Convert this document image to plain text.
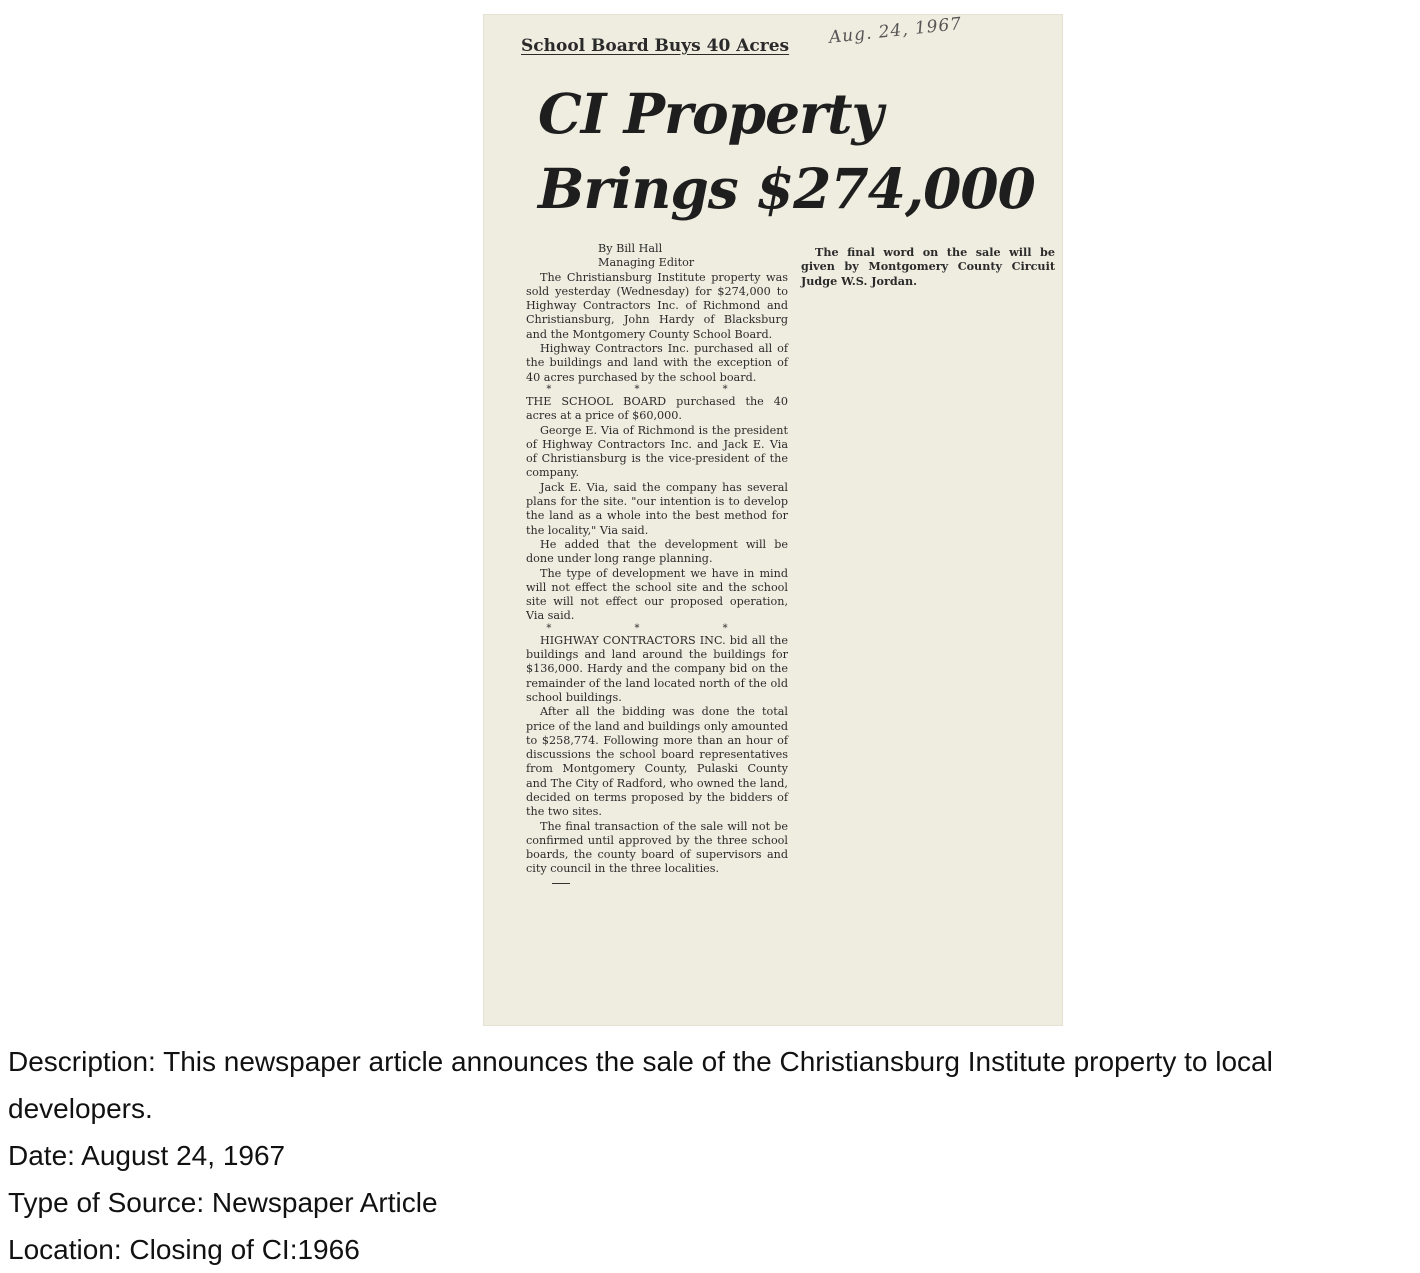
School Board Buys 40 Acres Aug. 24, 1967
CI Property
Brings $274,000
By Bill Hall
Managing Editor

The Christiansburg Institute property was sold yesterday (Wednesday) for $274,000 to Highway Contractors Inc. of Richmond and Christiansburg, John Hardy of Blacksburg and the Montgomery County School Board.

Highway Contractors Inc. purchased all of the buildings and land with the exception of 40 acres purchased by the school board.

* * *

THE SCHOOL BOARD purchased the 40 acres at a price of $60,000.

George E. Via of Richmond is the president of Highway Contractors Inc. and Jack E. Via of Christiansburg is the vice-president of the company.

Jack E. Via, said the company has several plans for the site. "our intention is to develop the land as a whole into the best method for the locality," Via said.

He added that the development will be done under long range planning.

The type of development we have in mind will not effect the school site and the school site will not effect our proposed operation, Via said.

* * *

HIGHWAY CONTRACTORS INC. bid all the buildings and land around the buildings for $136,000. Hardy and the company bid on the remainder of the land located north of the old school buildings.

After all the bidding was done the total price of the land and buildings only amounted to $258,774. Following more than an hour of discussions the school board representatives from Montgomery County, Pulaski County and The City of Radford, who owned the land, decided on terms proposed by the bidders of the two sites.

The final transaction of the sale will not be confirmed until approved by the three school boards, the county board of supervisors and city council in the three localities.

The final word on the sale will be given by Montgomery County Circuit Judge W.S. Jordan.

Description: This newspaper article announces the sale of the Christiansburg Institute property to local
developers.
Date: August 24, 1967
Type of Source: Newspaper Article
Location: Closing of CI:1966
